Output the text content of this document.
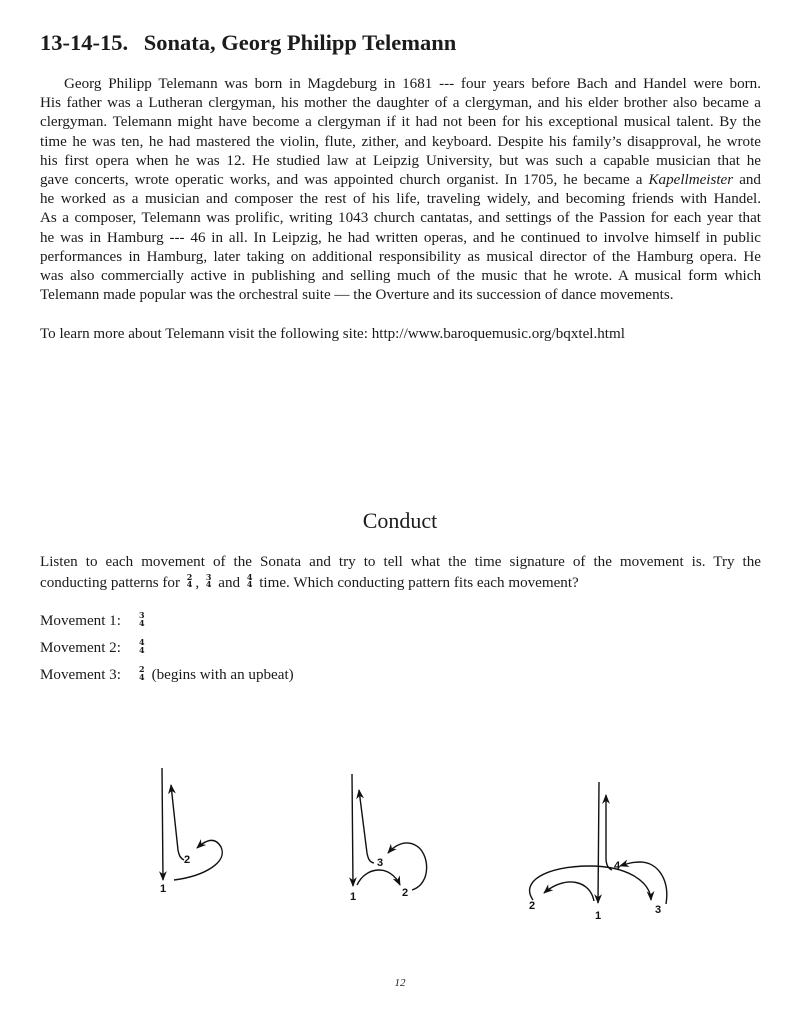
13-14-15. Sonata, Georg Philipp Telemann
Georg Philipp Telemann was born in Magdeburg in 1681 --- four years before Bach and Handel were born.
His father was a Lutheran clergyman, his mother the daughter of a clergyman, and his elder brother also became a
clergyman. Telemann might have become a clergyman if it had not been for his exceptional musical talent. By the
time he was ten, he had mastered the violin, flute, zither, and keyboard. Despite his family’s disapproval, he wrote
his first opera when he was 12. He studied law at Leipzig University, but was such a capable musician that he
gave concerts, wrote operatic works, and was appointed church organist. In 1705, he became a Kapellmeister and
he worked as a musician and composer the rest of his life, traveling widely, and becoming friends with Handel.
As a composer, Telemann was prolific, writing 1043 church cantatas, and settings of the Passion for each year that
he was in Hamburg --- 46 in all. In Leipzig, he had written operas, and he continued to involve himself in public
performances in Hamburg, later taking on additional responsibility as musical director of the Hamburg opera. He
was also commercially active in publishing and selling much of the music that he wrote. A musical form which
Telemann made popular was the orchestral suite — the Overture and its succession of dance movements.
To learn more about Telemann visit the following site: http://www.baroquemusic.org/bqxtel.html
Conduct
Listen to each movement of the Sonata and try to tell what the time signature of the movement is. Try the
conducting patterns for 2
4 , 3
4 and 4
4 time. Which conducting pattern fits each movement?
Movement 1:	3
4
Movement 2:	4
4
Movement 3:	2
4 (begins with an upbeat)
1
2
1	2
3
1
2	3
4
12
